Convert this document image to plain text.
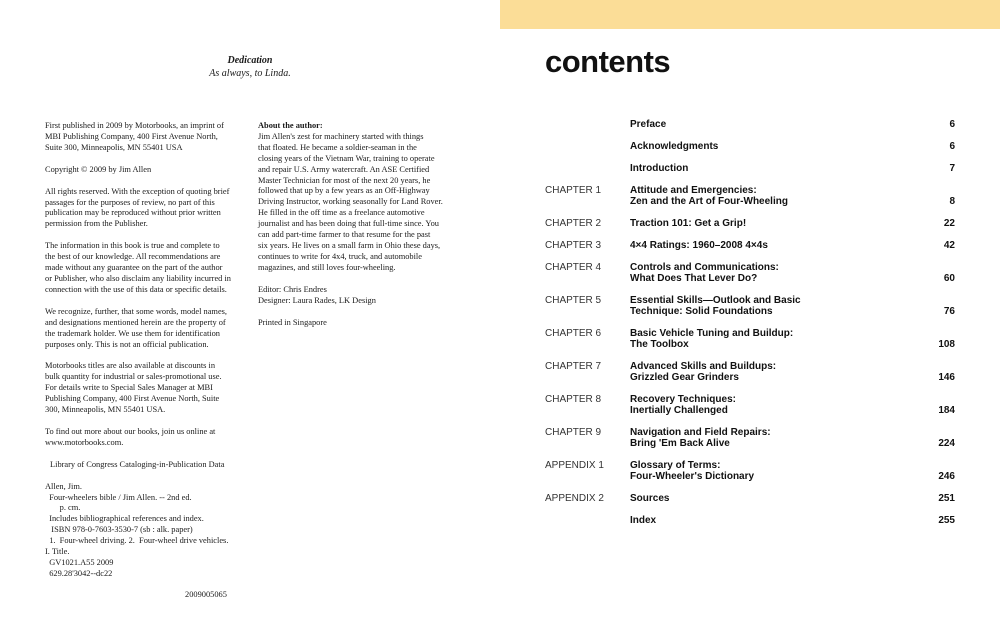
Dedication
As always, to Linda.

First published in 2009 by Motorbooks, an imprint of
MBI Publishing Company, 400 First Avenue North,
Suite 300, Minneapolis, MN 55401 USA

Copyright © 2009 by Jim Allen

All rights reserved. With the exception of quoting brief
passages for the purposes of review, no part of this
publication may be reproduced without prior written
permission from the Publisher.

The information in this book is true and complete to
the best of our knowledge. All recommendations are
made without any guarantee on the part of the author
or Publisher, who also disclaim any liability incurred in
connection with the use of this data or specific details.

We recognize, further, that some words, model names,
and designations mentioned herein are the property of
the trademark holder. We use them for identification
purposes only. This is not an official publication.

Motorbooks titles are also available at discounts in
bulk quantity for industrial or sales-promotional use.
For details write to Special Sales Manager at MBI
Publishing Company, 400 First Avenue North, Suite
300, Minneapolis, MN 55401 USA.

To find out more about our books, join us online at
www.motorbooks.com.

Library of Congress Cataloging-in-Publication Data

Allen, Jim.
Four-wheelers bible / Jim Allen. -- 2nd ed.
p. cm.
Includes bibliographical references and index.
ISBN 978-0-7603-3530-7 (sb : alk. paper)
1.  Four-wheel driving. 2.  Four-wheel drive vehicles.
I. Title.
GV1021.A55 2009
629.28'3042--dc22

2009005065
About the author:

Jim Allen's zest for machinery started with things
that floated. He became a soldier-seaman in the
closing years of the Vietnam War, training to operate
and repair U.S. Army watercraft. An ASE Certified
Master Technician for most of the next 20 years, he
followed that up by a few years as an Off-Highway
Driving Instructor, working seasonally for Land Rover.
He filled in the off time as a freelance automotive
journalist and has been doing that full-time since. You
can add part-time farmer to that resume for the past
six years. He lives on a small farm in Ohio these days,
continues to write for 4x4, truck, and automobile
magazines, and still loves four-wheeling.

Editor: Chris Endres
Designer: Laura Rades, LK Design

Printed in Singapore

contents
Preface	6
Acknowledgments	6
Introduction	7
CHAPTER 1	Attitude and Emergencies:
Zen and the Art of Four-Wheeling	8
CHAPTER 2	Traction 101: Get a Grip!	22
CHAPTER 3	4×4 Ratings: 1960–2008 4×4s	42
CHAPTER 4	Controls and Communications:
What Does That Lever Do?	60
CHAPTER 5	Essential Skills—Outlook and Basic
Technique: Solid Foundations	76
CHAPTER 6	Basic Vehicle Tuning and Buildup:
The Toolbox	108
CHAPTER 7	Advanced Skills and Buildups:
Grizzled Gear Grinders	146
CHAPTER 8	Recovery Techniques:
Inertially Challenged	184
CHAPTER 9	Navigation and Field Repairs:
Bring 'Em Back Alive	224
APPENDIX 1	Glossary of Terms:
Four-Wheeler's Dictionary	246
APPENDIX 2	Sources	251
Index	255
